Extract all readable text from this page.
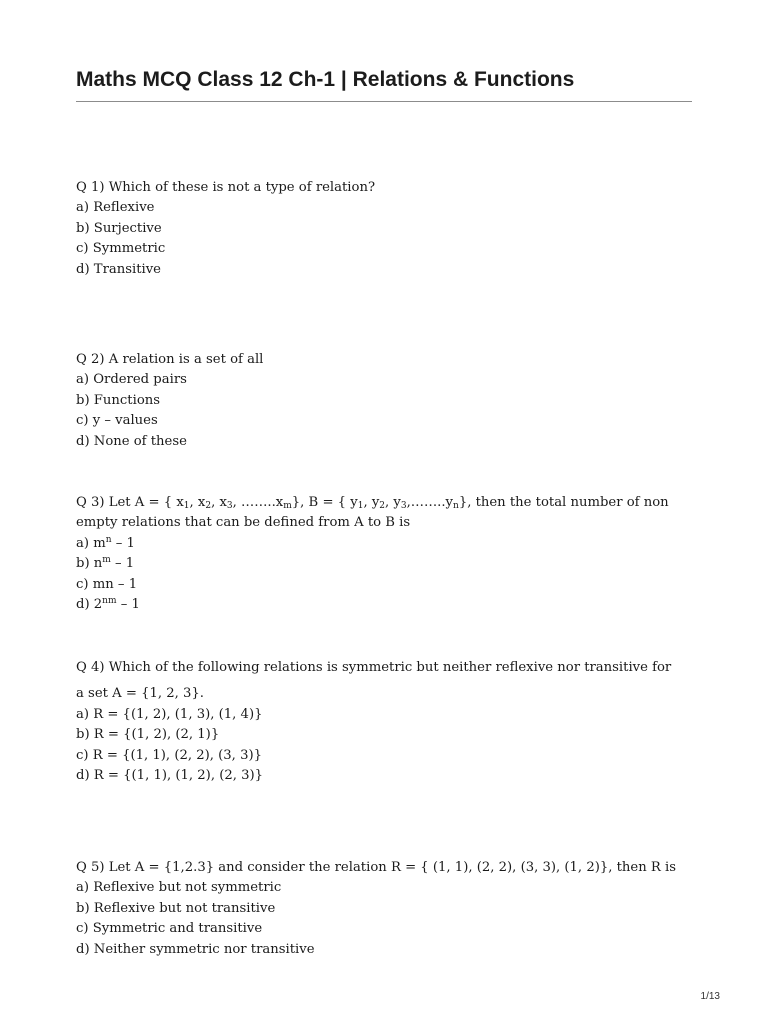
Maths MCQ Class 12 Ch-1 | Relations & Functions
Q 1) Which of these is not a type of relation?
a) Reflexive
b) Surjective
c) Symmetric
d) Transitive
Q 2) A relation is a set of all
a) Ordered pairs
b) Functions
c) y – values
d) None of these
Q 3) Let A = { $x_1$, $x_2$, $x_3$, $\dots\dots..x_m$}, B = { $y_1$, $y_2$, $y_3,\dots\dots..y_n$}, then the total number of non
empty relations that can be defined from A to B is
a) $m^n - 1$
b) $n^m - 1$
c) mn – 1
d) $2^{nm} - 1$
Q 4) Which of the following relations is symmetric but neither reflexive nor transitive for
a set A = {1, 2, 3}.
a) R = {(1, 2), (1, 3), (1, 4)}
b) R = {(1, 2), (2, 1)}
c) R = {(1, 1), (2, 2), (3, 3)}
d) R = {(1, 1), (1, 2), (2, 3)}
Q 5) Let A = {1,2.3} and consider the relation R = { (1, 1), (2, 2), (3, 3), (1, 2)}, then R is
a) Reflexive but not symmetric
b) Reflexive but not transitive
c) Symmetric and transitive
d) Neither symmetric nor transitive
1/13
